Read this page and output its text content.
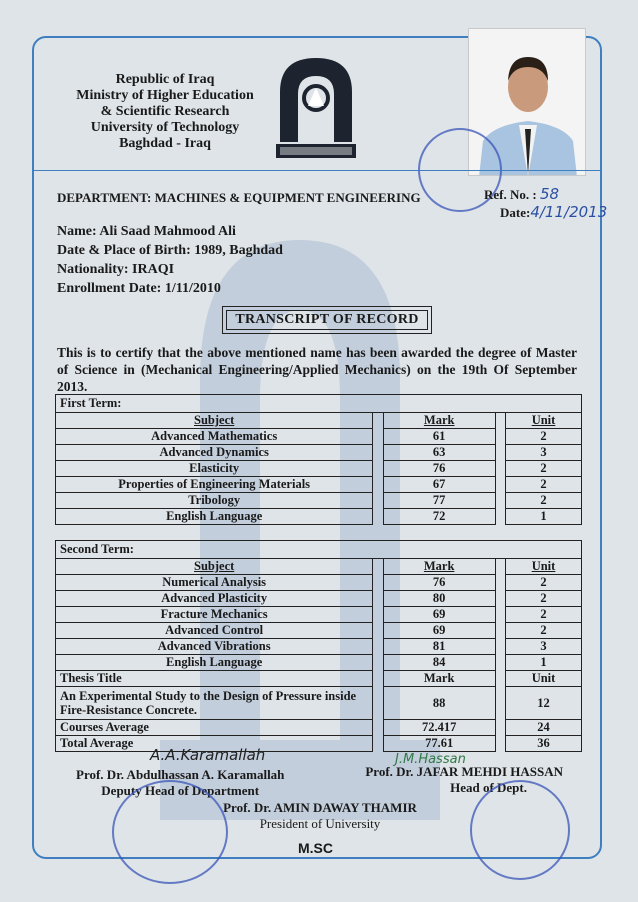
Republic of Iraq
Ministry of Higher Education
& Scientific Research
University of Technology
Baghdad - Iraq
DEPARTMENT: MACHINES & EQUIPMENT ENGINEERING	Ref. No. : 58
Date:4/11/2013
Name: Ali Saad Mahmood Ali
Date & Place of Birth: 1989, Baghdad
Nationality: IRAQI
Enrollment Date: 1/11/2010
TRANSCRIPT OF RECORD
This is to certify that the above mentioned name has been awarded the degree of Master of Science in (Mechanical Engineering/Applied Mechanics) on the 19th Of September 2013.
First Term:				
Subject		Mark		Unit
Advanced Mathematics		61		2
Advanced Dynamics		63		3
Elasticity		76		2
Properties of Engineering Materials		67		2
Tribology		77		2
English Language		72		1
Second Term:				
Subject		Mark		Unit
Numerical Analysis		76		2
Advanced Plasticity		80		2
Fracture Mechanics		69		2
Advanced Control		69		2
Advanced Vibrations		81		3
English Language		84		1
Thesis Title		Mark		Unit
An Experimental Study to the Design of Pressure inside Fire-Resistance Concrete.		88		12
Courses Average		72.417		24
Total Average		77.61		36
A.A.Karamallah	J.M.Hassan
Prof. Dr. Abdulhassan A. Karamallah
Deputy Head of Department
Prof. Dr. JAFAR MEHDI HASSAN
Head of Dept.
Prof. Dr. AMIN DAWAY THAMIR
President of University
M.SC
